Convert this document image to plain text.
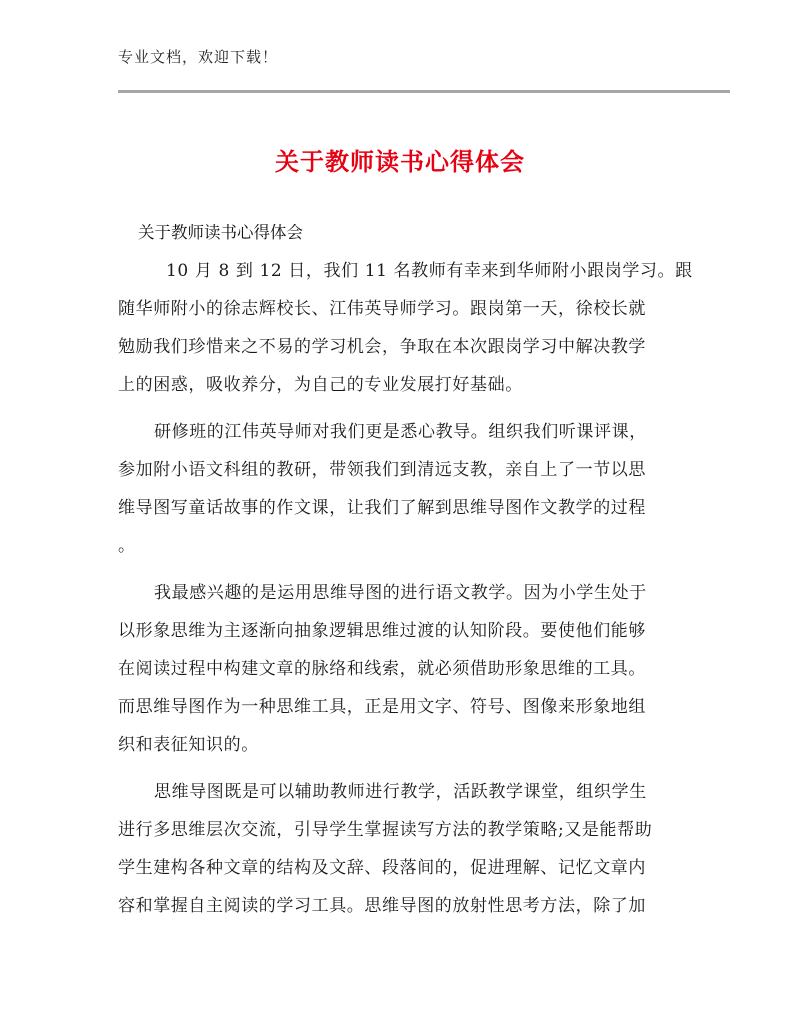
专业文档，欢迎下载！

关于教师读书心得体会

关于教师读书心得体会

10 月 8 到 12 日，我们 11 名教师有幸来到华师附小跟岗学习。跟
随华师附小的徐志辉校长、江伟英导师学习。跟岗第一天，徐校长就
勉励我们珍惜来之不易的学习机会，争取在本次跟岗学习中解决教学
上的困惑，吸收养分，为自己的专业发展打好基础。
研修班的江伟英导师对我们更是悉心教导。组织我们听课评课，
参加附小语文科组的教研，带领我们到清远支教，亲自上了一节以思
维导图写童话故事的作文课，让我们了解到思维导图作文教学的过程
。
我最感兴趣的是运用思维导图的进行语文教学。因为小学生处于
以形象思维为主逐渐向抽象逻辑思维过渡的认知阶段。要使他们能够
在阅读过程中构建文章的脉络和线索，就必须借助形象思维的工具。
而思维导图作为一种思维工具，正是用文字、符号、图像来形象地组
织和表征知识的。
思维导图既是可以辅助教师进行教学，活跃教学课堂，组织学生
进行多思维层次交流，引导学生掌握读写方法的教学策略;又是能帮助
学生建构各种文章的结构及文辞、段落间的，促进理解、记忆文章内
容和掌握自主阅读的学习工具。思维导图的放射性思考方法，除了加
